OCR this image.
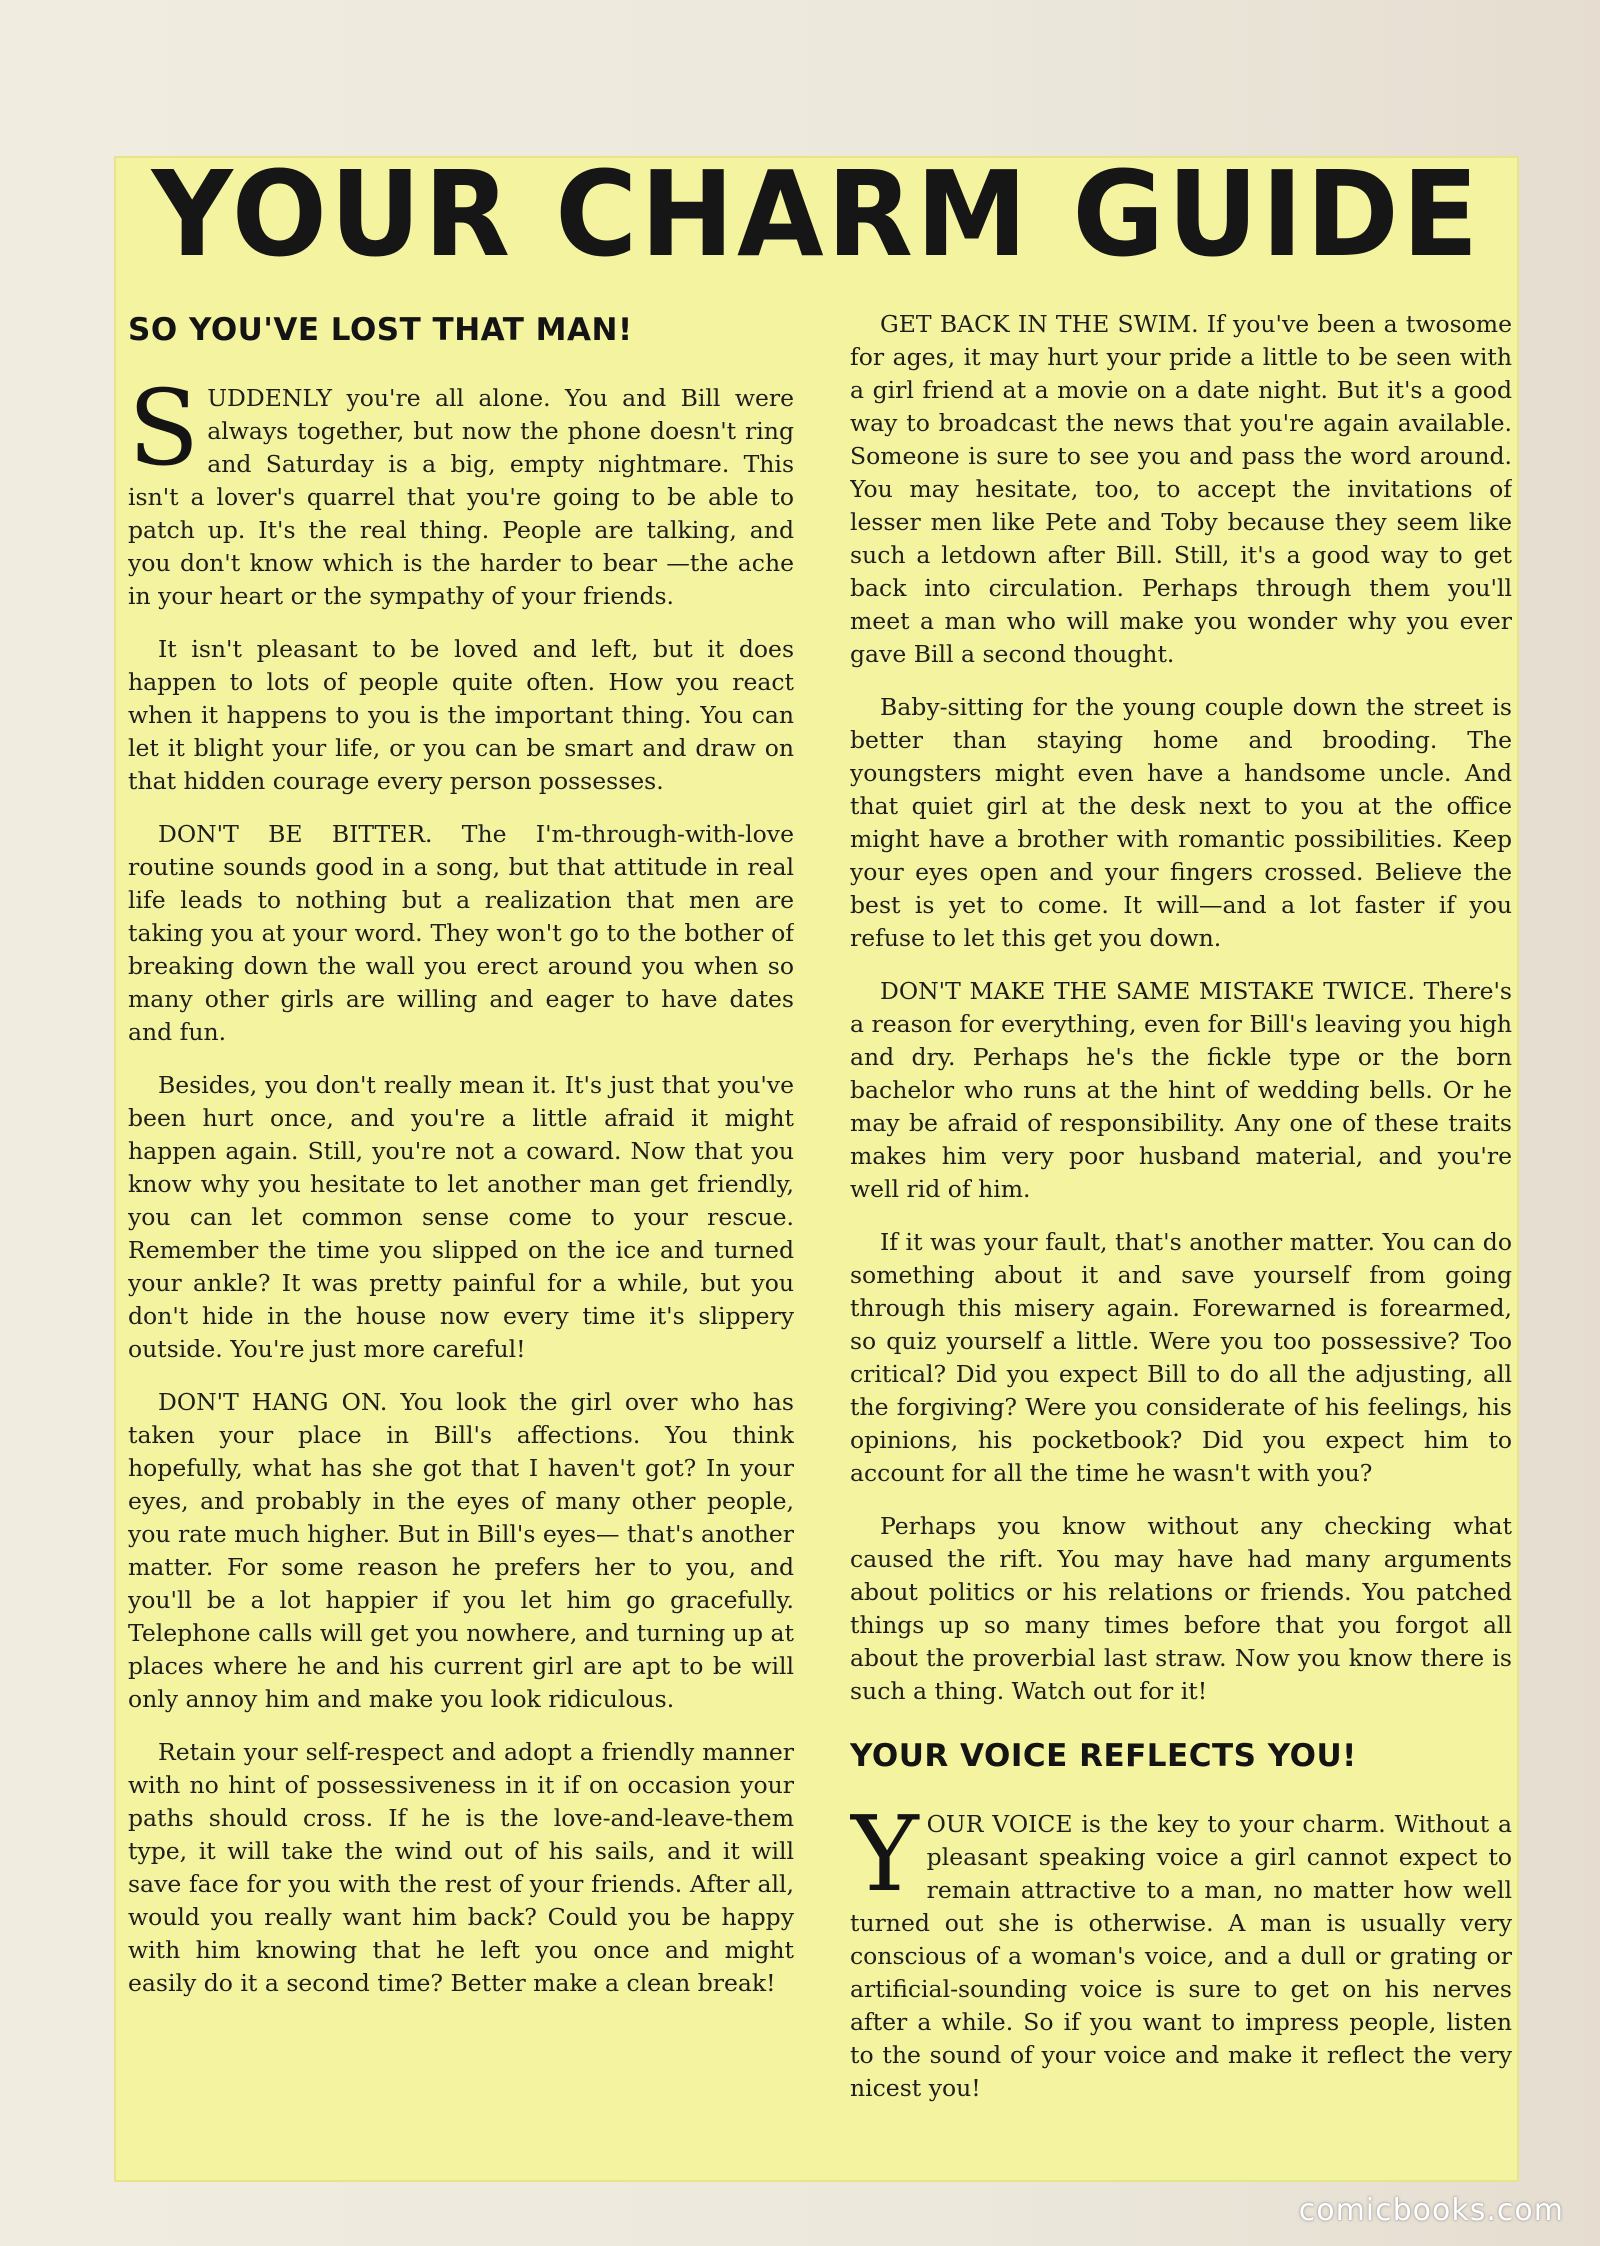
YOUR CHARM GUIDE
SO YOU'VE LOST THAT MAN!

SUDDENLY you're all alone. You and Bill were always together, but now the phone doesn't ring and Saturday is a big, empty nightmare. This isn't a lover's quarrel that you're going to be able to patch up. It's the real thing. People are talking, and you don't know which is the harder to bear —the ache in your heart or the sympathy of your friends.

It isn't pleasant to be loved and left, but it does happen to lots of people quite often. How you react when it happens to you is the important thing. You can let it blight your life, or you can be smart and draw on that hidden courage every person possesses.

DON'T BE BITTER. The I'm-through-with-love routine sounds good in a song, but that attitude in real life leads to nothing but a realization that men are taking you at your word. They won't go to the bother of breaking down the wall you erect around you when so many other girls are willing and eager to have dates and fun.

Besides, you don't really mean it. It's just that you've been hurt once, and you're a little afraid it might happen again. Still, you're not a coward. Now that you know why you hesitate to let another man get friendly, you can let common sense come to your rescue. Remember the time you slipped on the ice and turned your ankle? It was pretty painful for a while, but you don't hide in the house now every time it's slippery outside. You're just more careful!

DON'T HANG ON. You look the girl over who has taken your place in Bill's affections. You think hopefully, what has she got that I haven't got? In your eyes, and probably in the eyes of many other people, you rate much higher. But in Bill's eyes— that's another matter. For some reason he prefers her to you, and you'll be a lot happier if you let him go gracefully. Telephone calls will get you nowhere, and turning up at places where he and his current girl are apt to be will only annoy him and make you look ridiculous.

Retain your self-respect and adopt a friendly manner with no hint of possessiveness in it if on occasion your paths should cross. If he is the love-and-leave-them type, it will take the wind out of his sails, and it will save face for you with the rest of your friends. After all, would you really want him back? Could you be happy with him knowing that he left you once and might easily do it a second time? Better make a clean break!

GET BACK IN THE SWIM. If you've been a twosome for ages, it may hurt your pride a little to be seen with a girl friend at a movie on a date night. But it's a good way to broadcast the news that you're again available. Someone is sure to see you and pass the word around. You may hesitate, too, to accept the invitations of lesser men like Pete and Toby because they seem like such a letdown after Bill. Still, it's a good way to get back into circulation. Perhaps through them you'll meet a man who will make you wonder why you ever gave Bill a second thought.

Baby-sitting for the young couple down the street is better than staying home and brooding. The youngsters might even have a handsome uncle. And that quiet girl at the desk next to you at the office might have a brother with romantic possibilities. Keep your eyes open and your fingers crossed. Believe the best is yet to come. It will—and a lot faster if you refuse to let this get you down.

DON'T MAKE THE SAME MISTAKE TWICE. There's a reason for everything, even for Bill's leaving you high and dry. Perhaps he's the fickle type or the born bachelor who runs at the hint of wedding bells. Or he may be afraid of responsibility. Any one of these traits makes him very poor husband material, and you're well rid of him.

If it was your fault, that's another matter. You can do something about it and save yourself from going through this misery again. Forewarned is forearmed, so quiz yourself a little. Were you too possessive? Too critical? Did you expect Bill to do all the adjusting, all the forgiving? Were you considerate of his feelings, his opinions, his pocketbook? Did you expect him to account for all the time he wasn't with you?

Perhaps you know without any checking what caused the rift. You may have had many arguments about politics or his relations or friends. You patched things up so many times before that you forgot all about the proverbial last straw. Now you know there is such a thing. Watch out for it!

YOUR VOICE REFLECTS YOU!

YOUR VOICE is the key to your charm. Without a pleasant speaking voice a girl cannot expect to remain attractive to a man, no matter how well turned out she is otherwise. A man is usually very conscious of a woman's voice, and a dull or grating or artificial-sounding voice is sure to get on his nerves after a while. So if you want to impress people, listen to the sound of your voice and make it reflect the very nicest you!

comicbooks.com
